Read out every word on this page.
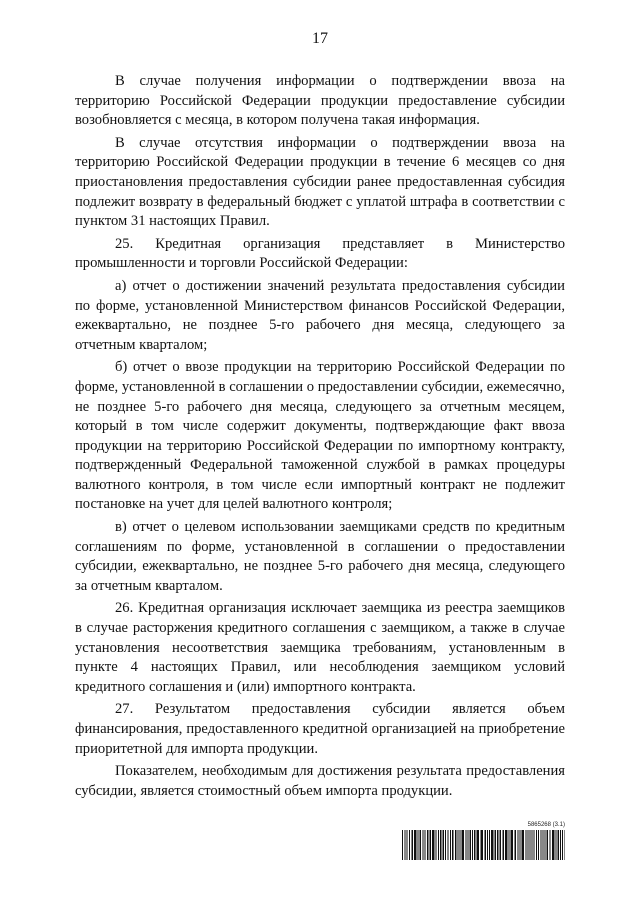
17

В случае получения информации о подтверждении ввоза на территорию Российской Федерации продукции предоставление субсидии возобновляется с месяца, в котором получена такая информация.

В случае отсутствия информации о подтверждении ввоза на территорию Российской Федерации продукции в течение 6 месяцев со дня приостановления предоставления субсидии ранее предоставленная субсидия подлежит возврату в федеральный бюджет с уплатой штрафа в соответствии с пунктом 31 настоящих Правил.

25. Кредитная организация представляет в Министерство промышленности и торговли Российской Федерации:

а) отчет о достижении значений результата предоставления субсидии по форме, установленной Министерством финансов Российской Федерации, ежеквартально, не позднее 5-го рабочего дня месяца, следующего за отчетным кварталом;

б) отчет о ввозе продукции на территорию Российской Федерации по форме, установленной в соглашении о предоставлении субсидии, ежемесячно, не позднее 5-го рабочего дня месяца, следующего за отчетным месяцем, который в том числе содержит документы, подтверждающие факт ввоза продукции на территорию Российской Федерации по импортному контракту, подтвержденный Федеральной таможенной службой в рамках процедуры валютного контроля, в том числе если импортный контракт не подлежит постановке на учет для целей валютного контроля;

в) отчет о целевом использовании заемщиками средств по кредитным соглашениям по форме, установленной в соглашении о предоставлении субсидии, ежеквартально, не позднее 5-го рабочего дня месяца, следующего за отчетным кварталом.

26. Кредитная организация исключает заемщика из реестра заемщиков в случае расторжения кредитного соглашения с заемщиком, а также в случае установления несоответствия заемщика требованиям, установленным в пункте 4 настоящих Правил, или несоблюдения заемщиком условий кредитного соглашения и (или) импортного контракта.

27. Результатом предоставления субсидии является объем финансирования, предоставленного кредитной организацией на приобретение приоритетной для импорта продукции.

Показателем, необходимым для достижения результата предоставления субсидии, является стоимостный объем импорта продукции.

5865268 (3.1)
